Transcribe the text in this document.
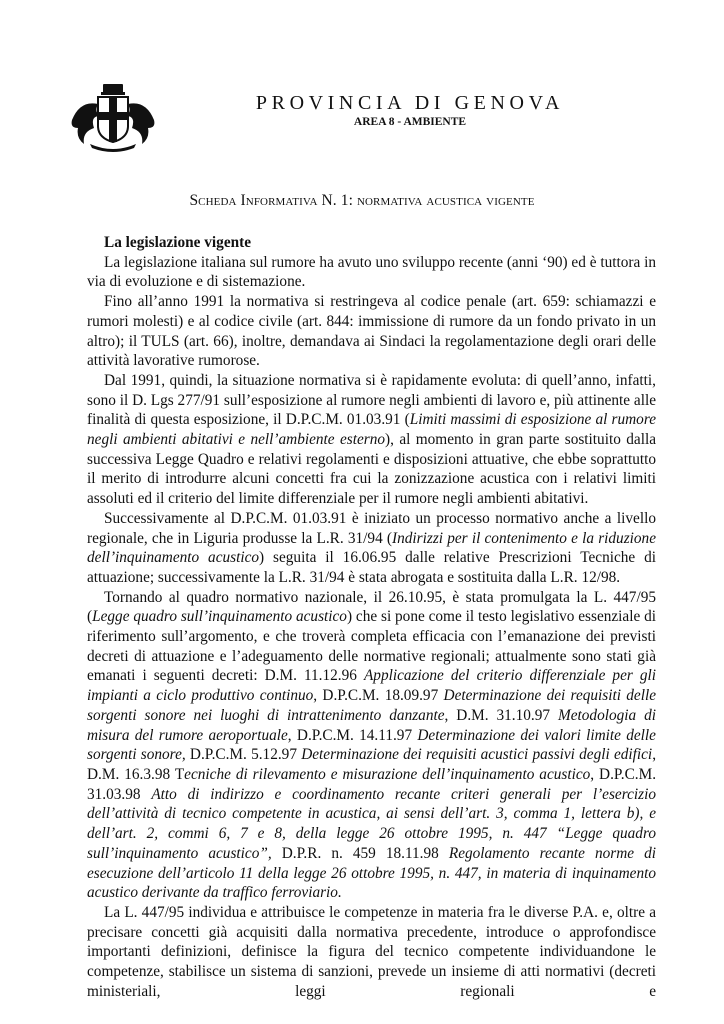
PROVINCIA DI GENOVA
AREA 8 - AMBIENTE
Scheda Informativa N. 1: normativa acustica vigente

La legislazione vigente

La legislazione italiana sul rumore ha avuto uno sviluppo recente (anni ‘90) ed è tuttora in via di evoluzione e di sistemazione.

Fino all’anno 1991 la normativa si restringeva al codice penale (art. 659: schiamazzi e rumori molesti) e al codice civile (art. 844: immissione di rumore da un fondo privato in un altro); il TULS (art. 66), inoltre, demandava ai Sindaci la regolamentazione degli orari delle attività lavorative rumorose.

Dal 1991, quindi, la situazione normativa si è rapidamente evoluta: di quell’anno, infatti, sono il D. Lgs 277/91 sull’esposizione al rumore negli ambienti di lavoro e, più attinente alle finalità di questa esposizione, il D.P.C.M. 01.03.91 (Limiti massimi di esposizione al rumore negli ambienti abitativi e nell’ambiente esterno), al momento in gran parte sostituito dalla successiva Legge Quadro e relativi regolamenti e disposizioni attuative, che ebbe soprattutto il merito di introdurre alcuni concetti fra cui la zonizzazione acustica con i relativi limiti assoluti ed il criterio del limite differenziale per il rumore negli ambienti abitativi.

Successivamente al D.P.C.M. 01.03.91 è iniziato un processo normativo anche a livello regionale, che in Liguria produsse la L.R. 31/94 (Indirizzi per il contenimento e la riduzione dell’inquinamento acustico) seguita il 16.06.95 dalle relative Prescrizioni Tecniche di attuazione; successivamente la L.R. 31/94 è stata abrogata e sostituita dalla L.R. 12/98.

Tornando al quadro normativo nazionale, il 26.10.95, è stata promulgata la L. 447/95 (Legge quadro sull’inquinamento acustico) che si pone come il testo legislativo essenziale di riferimento sull’argomento, e che troverà completa efficacia con l’emanazione dei previsti decreti di attuazione e l’adeguamento delle normative regionali; attualmente sono stati già emanati i seguenti decreti: D.M. 11.12.96 Applicazione del criterio differenziale per gli impianti a ciclo produttivo continuo, D.P.C.M. 18.09.97 Determinazione dei requisiti delle sorgenti sonore nei luoghi di intrattenimento danzante, D.M. 31.10.97 Metodologia di misura del rumore aeroportuale, D.P.C.M. 14.11.97 Determinazione dei valori limite delle sorgenti sonore, D.P.C.M. 5.12.97 Determinazione dei requisiti acustici passivi degli edifici, D.M. 16.3.98 Tecniche di rilevamento e misurazione dell’inquinamento acustico, D.P.C.M. 31.03.98 Atto di indirizzo e coordinamento recante criteri generali per l’esercizio dell’attività di tecnico competente in acustica, ai sensi dell’art. 3, comma 1, lettera b), e dell’art. 2, commi 6, 7 e 8, della legge 26 ottobre 1995, n. 447 “Legge quadro sull’inquinamento acustico”, D.P.R. n. 459 18.11.98 Regolamento recante norme di esecuzione dell’articolo 11 della legge 26 ottobre 1995, n. 447, in materia di inquinamento acustico derivante da traffico ferroviario.

La L. 447/95 individua e attribuisce le competenze in materia fra le diverse P.A. e, oltre a precisare concetti già acquisiti dalla normativa precedente, introduce o approfondisce importanti definizioni, definisce la figura del tecnico competente individuandone le competenze, stabilisce un sistema di sanzioni, prevede un insieme di atti normativi (decreti ministeriali, leggi regionali e
